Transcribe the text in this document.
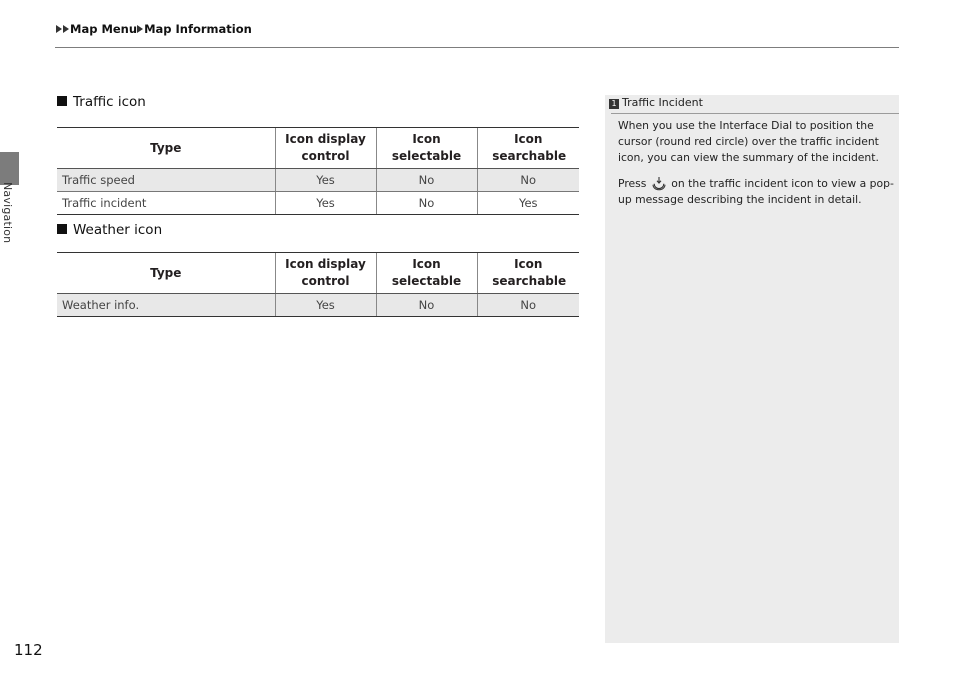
Navigation
Map Menu Map Information
Traffic icon
Type	Icon display control	Icon selectable	Icon searchable
Traffic speed	Yes	No	No
Traffic incident	Yes	No	Yes
Weather icon
Type	Icon display control	Icon selectable	Icon searchable
Weather info.	Yes	No	No
1 Traffic Incident

When you use the Interface Dial to position the cursor (round red circle) over the traffic incident icon, you can view the summary of the incident.

Press on the traffic incident icon to view a pop-up message describing the incident in detail.

112
